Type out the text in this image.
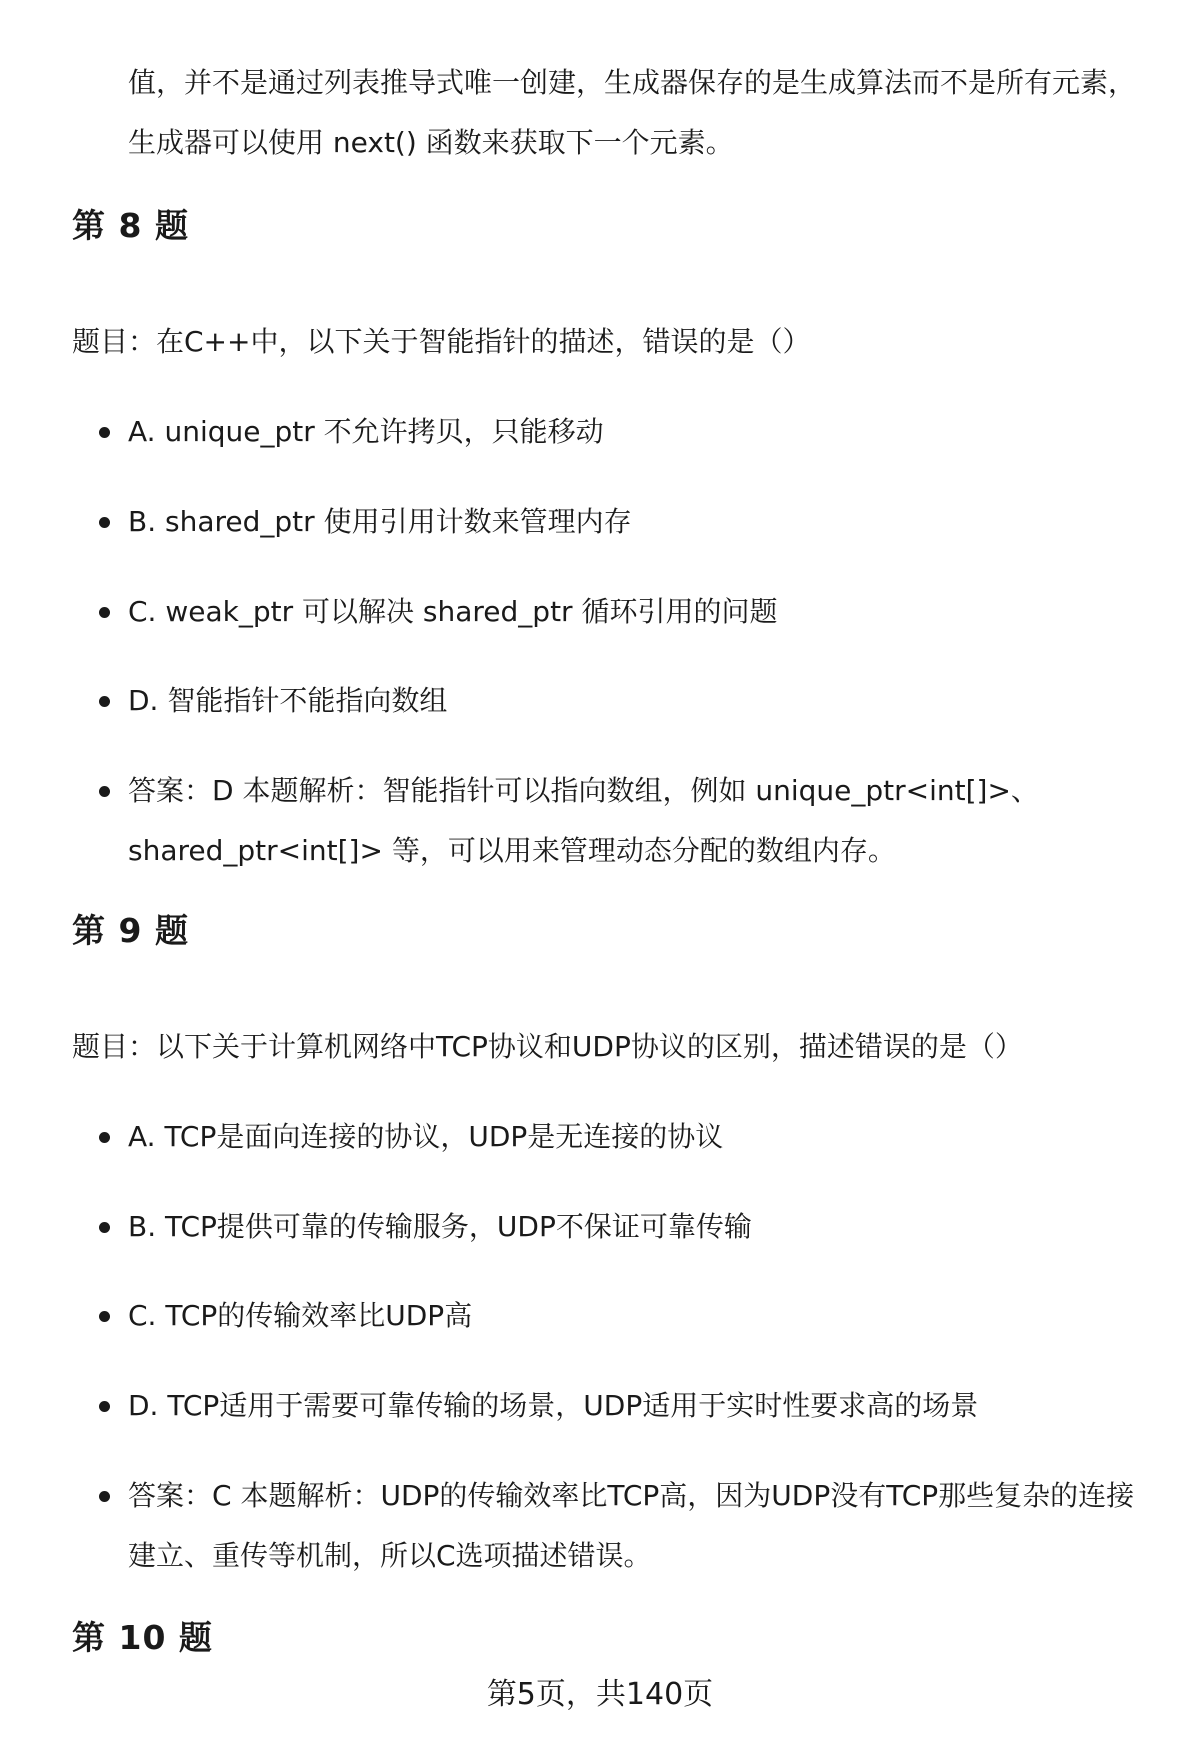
值，并不是通过列表推导式唯一创建，生成器保存的是生成算法而不是所有元素，生成器可以使用 next() 函数来获取下一个元素。

第 8 题

题目：在C++中，以下关于智能指针的描述，错误的是（）

A. unique_ptr 不允许拷贝，只能移动

B. shared_ptr 使用引用计数来管理内存

C. weak_ptr 可以解决 shared_ptr 循环引用的问题

D. 智能指针不能指向数组

答案：D 本题解析：智能指针可以指向数组，例如 unique_ptr<int[]>、shared_ptr<int[]> 等，可以用来管理动态分配的数组内存。

第 9 题

题目：以下关于计算机网络中TCP协议和UDP协议的区别，描述错误的是（）

A. TCP是面向连接的协议，UDP是无连接的协议

B. TCP提供可靠的传输服务，UDP不保证可靠传输

C. TCP的传输效率比UDP高

D. TCP适用于需要可靠传输的场景，UDP适用于实时性要求高的场景

答案：C 本题解析：UDP的传输效率比TCP高，因为UDP没有TCP那些复杂的连接建立、重传等机制，所以C选项描述错误。

第 10 题
第5页，共140页
